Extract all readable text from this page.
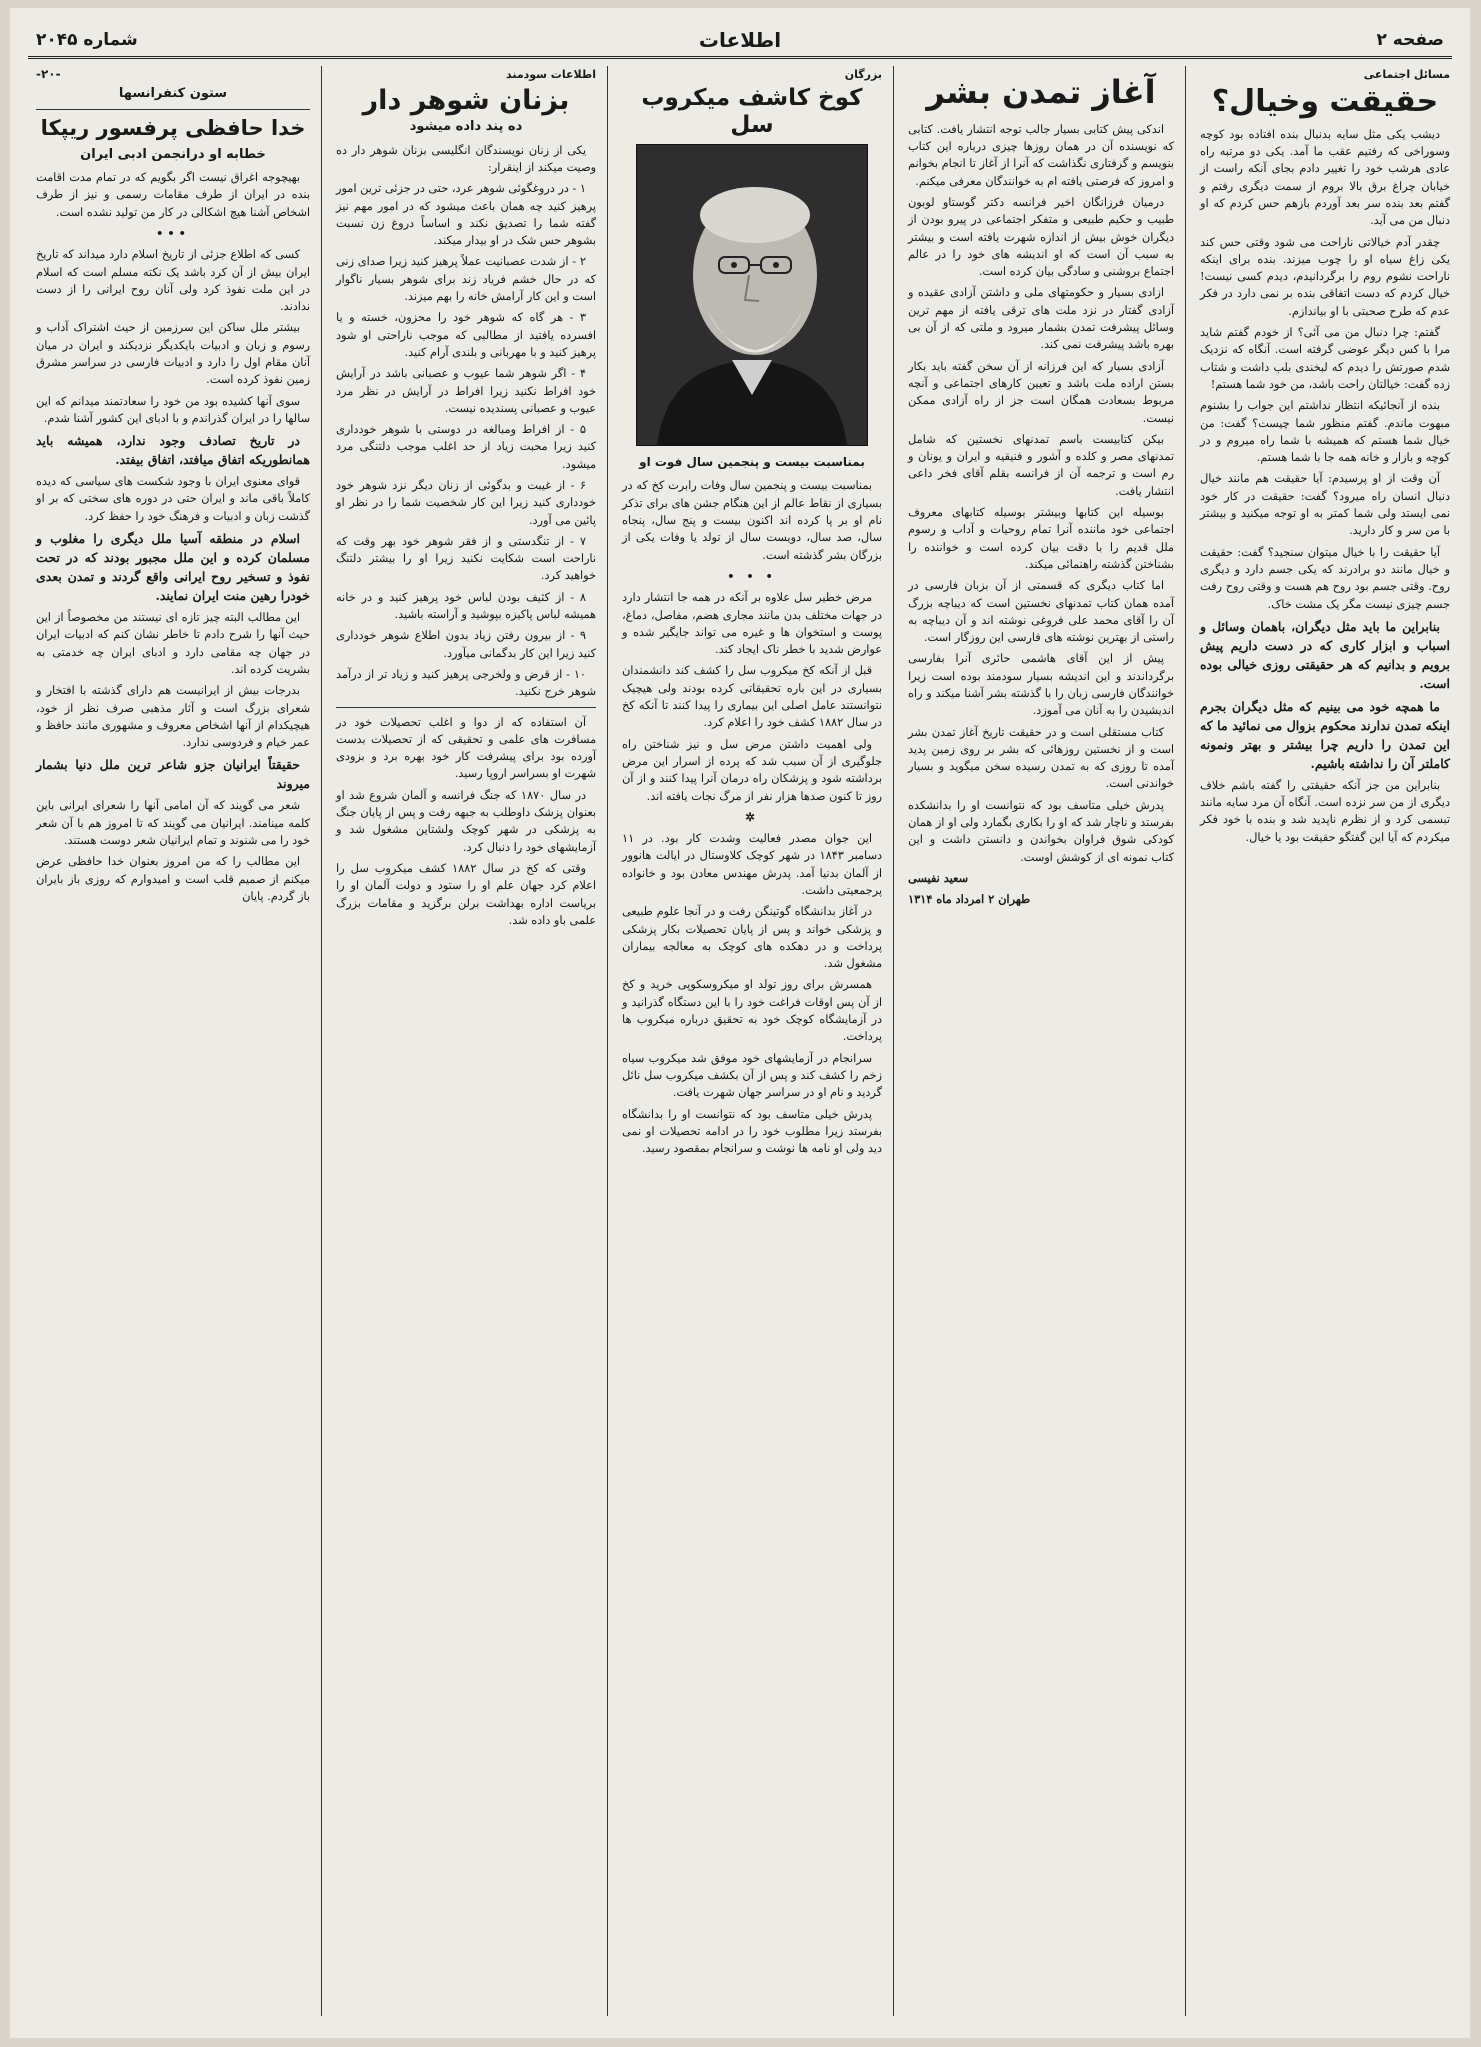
صفحه ۲
اطلاعات
شماره ۲۰۴۵
مسائل اجتماعی
حقیقت وخیال؟

دیشب یکی مثل سایه بدنبال بنده افتاده بود کوچه وسوراخی که رفتیم عقب ما آمد. یکی دو مرتبه راه عادی هرشب خود را تغییر دادم بجای آنکه راست از خیابان چراغ برق بالا بروم از سمت دیگری رفتم و گفتم بعد بنده سر بعد آوردم بازهم حس کردم که او دنبال من می آید.

چقدر آدم خیالاتی ناراحت می شود وقتی حس کند یکی زاغ سیاه او را چوب میزند. بنده برای اینکه ناراحت نشوم روم را برگردانیدم، دیدم کسی نیست! خیال کردم که دست اتفاقی بنده بر نمی دارد در فکر عدم که طرح صحبتی با او بیاندازم.

گفتم: چرا دنبال من می آئی؟ از خودم گفتم شاید مرا با کس دیگر عوضی گرفته است. آنگاه که نزدیک شدم صورتش را دیدم که لبخندی بلب داشت و شتاب زده گفت: خیالتان راحت باشد، من خود شما هستم!

بنده از آنجائیکه انتظار نداشتم این جواب را بشنوم مبهوت ماندم. گفتم منظور شما چیست؟ گفت: من خیال شما هستم که همیشه با شما راه میروم و در کوچه و بازار و خانه همه جا با شما هستم.

آن وقت از او پرسیدم: آیا حقیقت هم مانند خیال دنبال انسان راه میرود؟ گفت: حقیقت در کار خود نمی ایستد ولی شما کمتر به او توجه میکنید و بیشتر با من سر و کار دارید.

آیا حقیقت را با خیال میتوان سنجید؟ گفت: حقیقت و خیال مانند دو برادرند که یکی جسم دارد و دیگری روح. وقتی جسم بود روح هم هست و وقتی روح رفت جسم چیزی نیست مگر یک مشت خاک.

بنابراین ما باید مثل دیگران، باهمان وسائل و اسباب و ابزار کاری که در دست داریم پیش برویم و بدانیم که هر حقیقتی روزی خیالی بوده است.

ما همچه خود می بینیم که مثل دیگران بجرم اینکه تمدن ندارند محکوم بزوال می نمائید ما که این تمدن را داریم چرا بیشتر و بهتر ونمونه کاملتر آن را نداشته باشیم.

بنابراین من جز آنکه حقیقتی را گفته باشم خلاف دیگری از من سر نزده است. آنگاه آن مرد سایه مانند تبسمی کرد و از نظرم ناپدید شد و بنده با خود فکر میکردم که آیا این گفتگو حقیقت بود یا خیال.

آغاز تمدن بشر

اندکی پیش کتابی بسیار جالب توجه انتشار یافت. کتابی که نویسنده آن در همان روزها چیزی درباره این کتاب بنویسم و گرفتاری نگذاشت که آنرا از آغاز تا انجام بخوانم و امروز که فرصتی یافته ام به خوانندگان معرفی میکنم.

درمیان فرزانگان اخیر فرانسه دکتر گوستاو لوبون طبیب و حکیم طبیعی و متفکر اجتماعی در پیرو بودن از دیگران خوش بیش از اندازه شهرت یافته است و بیشتر به سبب آن است که او اندیشه های خود را در عالم اجتماع بروشنی و سادگی بیان کرده است.

ازادی بسیار و حکومتهای ملی و داشتن آزادی عقیده و آزادی گفتار در نزد ملت های ترقی یافته از مهم ترین وسائل پیشرفت تمدن بشمار میرود و ملتی که از آن بی بهره باشد پیشرفت نمی کند.

آزادی بسیار که این فرزانه از آن سخن گفته باید بکار بستن اراده ملت باشد و تعیین کارهای اجتماعی و آنچه مربوط بسعادت همگان است جز از راه آزادی ممکن نیست.

بیکن کتابیست باسم تمدنهای نخستین که شامل تمدنهای مصر و کلده و آشور و فنیقیه و ایران و یونان و رم است و ترجمه آن از فرانسه بقلم آقای فخر داعی انتشار یافت.

بوسیله این کتابها وبیشتر بوسیله کتابهای معروف اجتماعی خود ماننده آنرا تمام روحیات و آداب و رسوم ملل قدیم را با دقت بیان کرده است و خواننده را بشناختن گذشته راهنمائی میکند.

اما کتاب دیگری که قسمتی از آن بزبان فارسی در آمده همان کتاب تمدنهای نخستین است که دیباچه بزرگ آن را آقای محمد علی فروغی نوشته اند و آن دیباچه به راستی از بهترین نوشته های فارسی این روزگار است.

پیش از این آقای هاشمی حائری آنرا بفارسی برگرداندند و این اندیشه بسیار سودمند بوده است زیرا خوانندگان فارسی زبان را با گذشته بشر آشنا میکند و راه اندیشیدن را به آنان می آموزد.

کتاب مستقلی است و در حقیقت تاریخ آغاز تمدن بشر است و از نخستین روزهائی که بشر بر روی زمین پدید آمده تا روزی که به تمدن رسیده سخن میگوید و بسیار خواندنی است.

پدرش خیلی متاسف بود که نتوانست او را بدانشکده بفرستد و ناچار شد که او را بکاری بگمارد ولی او از همان کودکی شوق فراوان بخواندن و دانستن داشت و این کتاب نمونه ای از کوشش اوست.

سعید نفیسی
طهران ۲ امرداد ماه ۱۳۱۴
بزرگان
کوخ کاشف میکروب سل
بمناسبت بیست و پنجمین سال فوت او

بمناسبت بیست و پنجمین سال وفات رابرت کخ که در بسیاری از نقاط عالم از این هنگام جشن های برای تذکر نام او بر پا کرده اند اکنون بیست و پنج سال، پنجاه سال، صد سال، دویست سال از تولد یا وفات یکی از بزرگان بشر گذشته است.

• • •

مرض خطیر سل علاوه بر آنکه در همه جا انتشار دارد در جهات مختلف بدن مانند مجاری هضم، مفاصل، دماغ، پوست و استخوان ها و غیره می تواند جایگیر شده و عوارض شدید با خطر ناک ایجاد کند.

قبل از آنکه کخ میکروب سل را کشف کند دانشمندان بسیاری در این باره تحقیقاتی کرده بودند ولی هیچیک نتوانستند عامل اصلی این بیماری را پیدا کنند تا آنکه کخ در سال ۱۸۸۲ کشف خود را اعلام کرد.

ولی اهمیت داشتن مرض سل و نیز شناختن راه جلوگیری از آن سبب شد که پرده از اسرار این مرض برداشته شود و پزشکان راه درمان آنرا پیدا کنند و از آن روز تا کنون صدها هزار نفر از مرگ نجات یافته اند.

✲

این جوان مصدر فعالیت وشدت کار بود. در ۱۱ دسامبر ۱۸۴۳ در شهر کوچک کلاوستال در ایالت هانوور از آلمان بدنیا آمد. پدرش مهندس معادن بود و خانواده پرجمعیتی داشت.

در آغاز بدانشگاه گوتینگن رفت و در آنجا علوم طبیعی و پزشکی خواند و پس از پایان تحصیلات بکار پزشکی پرداخت و در دهکده های کوچک به معالجه بیماران مشغول شد.

همسرش برای روز تولد او میکروسکوپی خرید و کخ از آن پس اوقات فراغت خود را با این دستگاه گذرانید و در آزمایشگاه کوچک خود به تحقیق درباره میکروب ها پرداخت.

سرانجام در آزمایشهای خود موفق شد میکروب سیاه زخم را کشف کند و پس از آن بکشف میکروب سل نائل گردید و نام او در سراسر جهان شهرت یافت.

پدرش خیلی متاسف بود که نتوانست او را بدانشگاه بفرستد زیرا مطلوب خود را در ادامه تحصیلات او نمی دید ولی او نامه ها نوشت و سرانجام بمقصود رسید.

اطلاعات سودمند
بزنان شوهر دار
ده پند داده میشود

یکی از زنان نویسندگان انگلیسی بزنان شوهر دار ده وصیت میکند از اینقرار:

۱ - در دروغگوئی شوهر عرد، حتی در جزئی ترین امور پرهیز کنید چه همان باعث میشود که در امور مهم نیز گفته شما را تصدیق نکند و اساساً دروغ زن نسبت بشوهر حس شک در او بیدار میکند.

۲ - از شدت عصبانیت عملاً پرهیز کنید زیرا صدای زنی که در حال خشم فریاد زند برای شوهر بسیار ناگوار است و این کار آرامش خانه را بهم میزند.

۳ - هر گاه که شوهر خود را محزون، خسته و یا افسرده یافتید از مطالبی که موجب ناراحتی او شود پرهیز کنید و با مهربانی و بلندی آرام کنید.

۴ - اگر شوهر شما عیوب و عصبانی باشد در آرایش خود افراط نکنید زیرا افراط در آرایش در نظر مرد عیوب و عصبانی پسندیده نیست.

۵ - از افراط ومبالغه در دوستی با شوهر خودداری کنید زیرا محبت زیاد از حد اغلب موجب دلتنگی مرد میشود.

۶ - از غیبت و بدگوئی از زنان دیگر نزد شوهر خود خودداری کنید زیرا این کار شخصیت شما را در نظر او پائین می آورد.

۷ - از تنگدستی و از فقر شوهر خود بهر وقت که ناراحت است شکایت نکنید زیرا او را بیشتر دلتنگ خواهید کرد.

۸ - از کثیف بودن لباس خود پرهیز کنید و در خانه همیشه لباس پاکیزه بپوشید و آراسته باشید.

۹ - از بیرون رفتن زیاد بدون اطلاع شوهر خودداری کنید زیرا این کار بدگمانی میآورد.

۱۰ - از قرض و ولخرجی پرهیز کنید و زیاد تر از درآمد شوهر خرج نکنید.

آن استفاده که از دوا و اغلب تحصیلات خود در مسافرت های علمی و تحقیقی که از تحصیلات بدست آورده بود برای پیشرفت کار خود بهره برد و بزودی شهرت او بسراسر اروپا رسید.

در سال ۱۸۷۰ که جنگ فرانسه و آلمان شروع شد او بعنوان پزشک داوطلب به جبهه رفت و پس از پایان جنگ به پزشکی در شهر کوچک ولشتاین مشغول شد و آزمایشهای خود را دنبال کرد.

وقتی که کخ در سال ۱۸۸۲ کشف میکروب سل را اعلام کرد جهان علم او را ستود و دولت آلمان او را بریاست اداره بهداشت برلن برگزید و مقامات بزرگ علمی باو داده شد.

-۲۰-
ستون کنفرانسها
خدا حافظی پرفسور ریپکا
خطابه او درانجمن ادبی ایران

بهیچوجه اغراق نیست اگر بگویم که در تمام مدت اقامت بنده در ایران از طرف مقامات رسمی و نیز از طرف اشخاص آشنا هیچ اشکالی در کار من تولید نشده است.

•••

کسی که اطلاع جزئی از تاریخ اسلام دارد میداند که تاریخ ایران بیش از آن کرد باشد یک نکته مسلم است که اسلام در این ملت نفوذ کرد ولی آنان روح ایرانی را از دست ندادند.

بیشتر ملل ساکن این سرزمین از حیث اشتراک آداب و رسوم و زبان و ادبیات بایکدیگر نزدیکند و ایران در میان آنان مقام اول را دارد و ادبیات فارسی در سراسر مشرق زمین نفوذ کرده است.

سوی آنها کشیده بود من خود را سعادتمند میدانم که این سالها را در ایران گذراندم و با ادبای این کشور آشنا شدم.

در تاریخ تصادف وجود ندارد، همیشه باید همانطوریکه اتفاق میافتد، اتفاق بیفتد.

قوای معنوی ایران با وجود شکست های سیاسی که دیده کاملاً باقی ماند و ایران حتی در دوره های سختی که بر او گذشت زبان و ادبیات و فرهنگ خود را حفظ کرد.

اسلام در منطقه آسیا ملل دیگری را مغلوب و مسلمان کرده و این ملل مجبور بودند که در تحت نفوذ و تسخیر روح ایرانی واقع گردند و تمدن بعدی خودرا رهین منت ایران نمایند.

این مطالب البته چیز تازه ای نیستند من مخصوصاً از این حیث آنها را شرح دادم تا خاطر نشان کنم که ادبیات ایران در جهان چه مقامی دارد و ادبای ایران چه خدمتی به بشریت کرده اند.

بدرجات بیش از ایرانیست هم دارای گذشته با افتخار و شعرای بزرگ است و آثار مذهبی صرف نظر از خود، هیچیکدام از آنها اشخاص معروف و مشهوری مانند حافظ و عمر خیام و فردوسی ندارد.

حقیقتاً ایرانیان جزو شاعر ترین ملل دنیا بشمار میروند

شعر می گویند که آن امامی آنها را شعرای ایرانی باین کلمه مینامند. ایرانیان می گویند که تا امروز هم با آن شعر خود را می شنوند و تمام ایرانیان شعر دوست هستند.

این مطالب را که من امروز بعنوان خدا حافظی عرض میکنم از صمیم قلب است و امیدوارم که روزی باز بایران باز گردم. پایان
